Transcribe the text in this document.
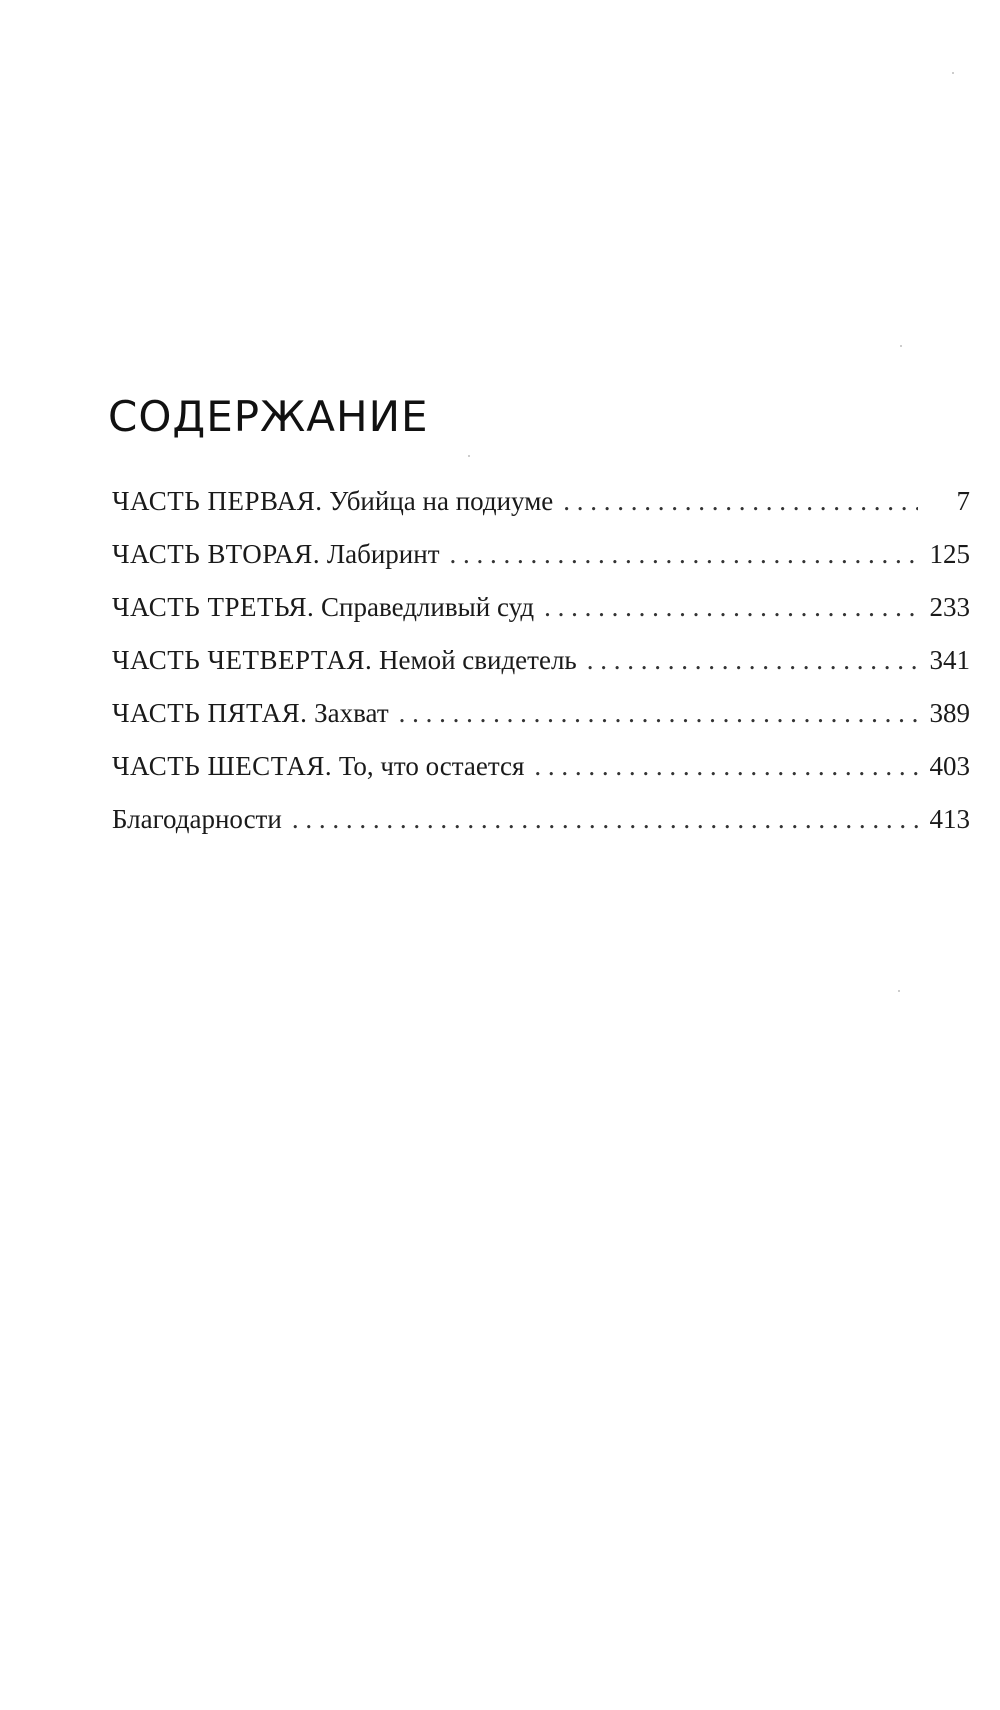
СОДЕРЖАНИЕ
ЧАСТЬ ПЕРВАЯ. Убийца на подиуме . . .	7
ЧАСТЬ ВТОРАЯ. Лабиринт . . .	125
ЧАСТЬ ТРЕТЬЯ. Справедливый суд . . .	233
ЧАСТЬ ЧЕТВЕРТАЯ. Немой свидетель . . .	341
ЧАСТЬ ПЯТАЯ. Захват . . .	389
ЧАСТЬ ШЕСТАЯ. То, что остается . . .	403
Благодарности . . .	413
